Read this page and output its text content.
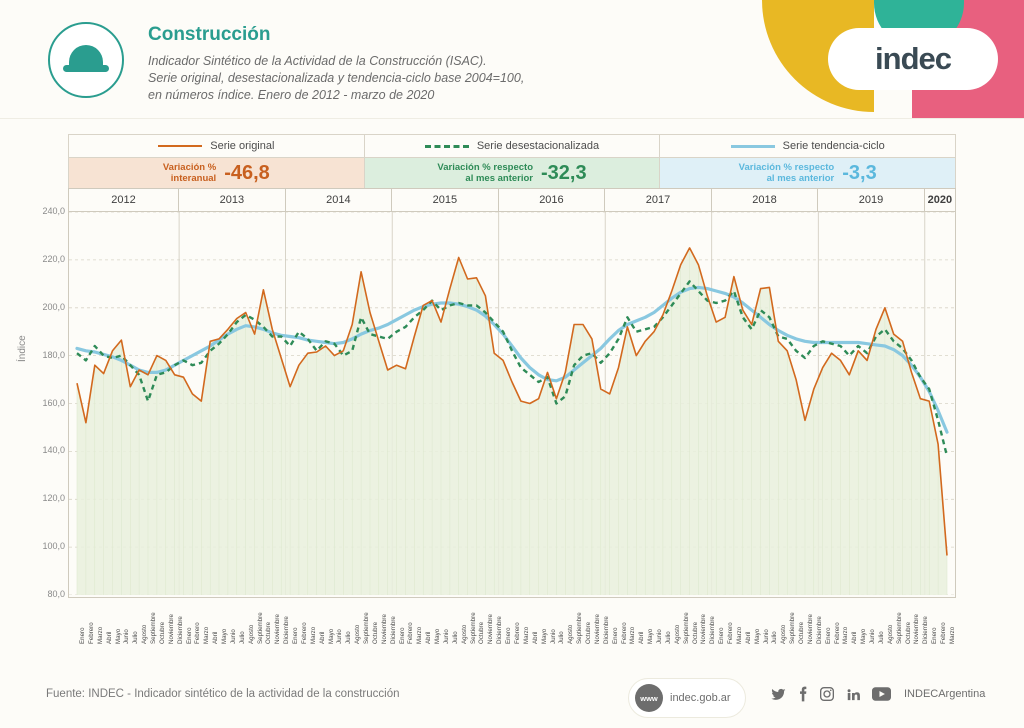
Construcción
Indicador Sintético de la Actividad de la Construcción (ISAC).
Serie original, desestacionalizada y tendencia-ciclo base 2004=100,
en números índice. Enero de 2012 - marzo de 2020
indec
Serie original	Serie desestacionalizada	Serie tendencia-ciclo
Variación %
interanual -46,8	Variación % respecto
al mes anterior -32,3	Variación % respecto
al mes anterior -3,3
2012	2013	2014	2015	2016	2017	2018	2019	2020
Índice
80,0
100,0
120,0
140,0
160,0
180,0
200,0
220,0
240,0
Enero Febrero Marzo Abril Mayo Junio Julio Agosto Septiembre Octubre Noviembre Diciembre Enero Febrero Marzo Abril Mayo Junio Julio Agosto Septiembre Octubre Noviembre Diciembre Enero Febrero Marzo Abril Mayo Junio Julio Agosto Septiembre Octubre Noviembre Diciembre Enero Febrero Marzo Abril Mayo Junio Julio Agosto Septiembre Octubre Noviembre Diciembre Enero Febrero Marzo Abril Mayo Junio Julio Agosto Septiembre Octubre Noviembre Diciembre Enero Febrero Marzo Abril Mayo Junio Julio Agosto Septiembre Octubre Noviembre Diciembre Enero Febrero Marzo Abril Mayo Junio Julio Agosto Septiembre Octubre Noviembre Diciembre Enero Febrero Marzo Abril Mayo Junio Julio Agosto Septiembre Octubre Noviembre Diciembre Enero Febrero Marzo
Fuente: INDEC - Indicador sintético de la actividad de la construcción	www	indec.gob.ar	INDECArgentina
